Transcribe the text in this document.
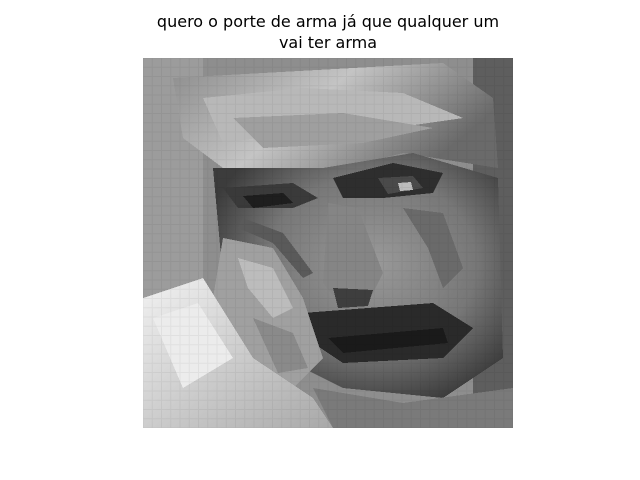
quero o porte de arma já que qualquer um
vai ter arma
